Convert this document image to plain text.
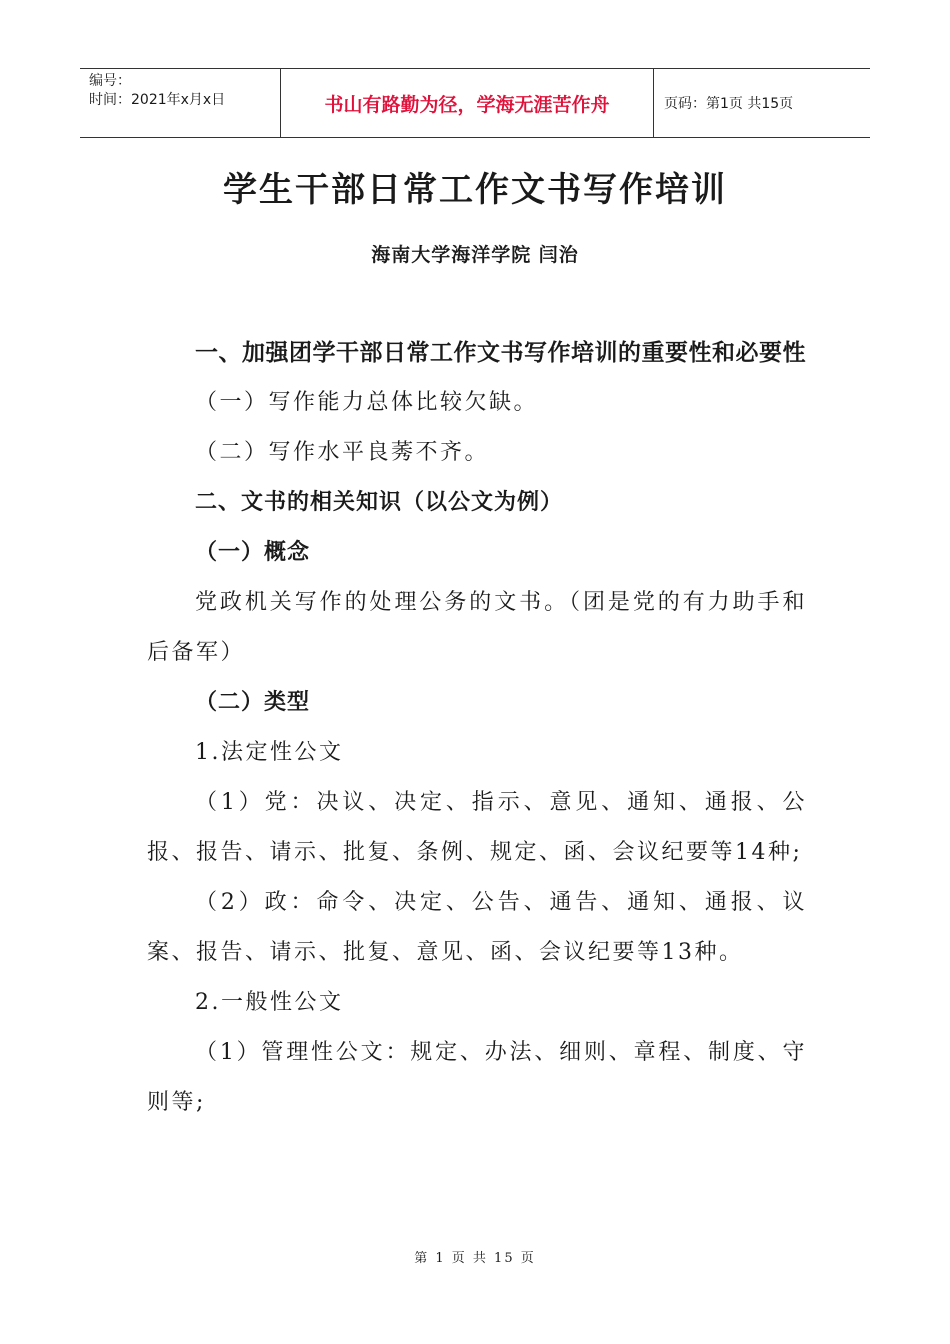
编号：
时间：2021年x月x日	书山有路勤为径，学海无涯苦作舟	页码：第1页 共15页
学生干部日常工作文书写作培训
海南大学海洋学院 闫治

一、加强团学干部日常工作文书写作培训的重要性和必要性

（一）写作能力总体比较欠缺。

（二）写作水平良莠不齐。

二、文书的相关知识（以公文为例）

（一）概念

党政机关写作的处理公务的文书。（团是党的有力助手和后备军）

（二）类型

1.法定性公文

（1）党：决议、决定、指示、意见、通知、通报、公报、报告、请示、批复、条例、规定、函、会议纪要等14种;

（2）政：命令、决定、公告、通告、通知、通报、议案、报告、请示、批复、意见、函、会议纪要等13种。

2.一般性公文

（1）管理性公文：规定、办法、细则、章程、制度、守则等;

第 1 页 共 15 页
